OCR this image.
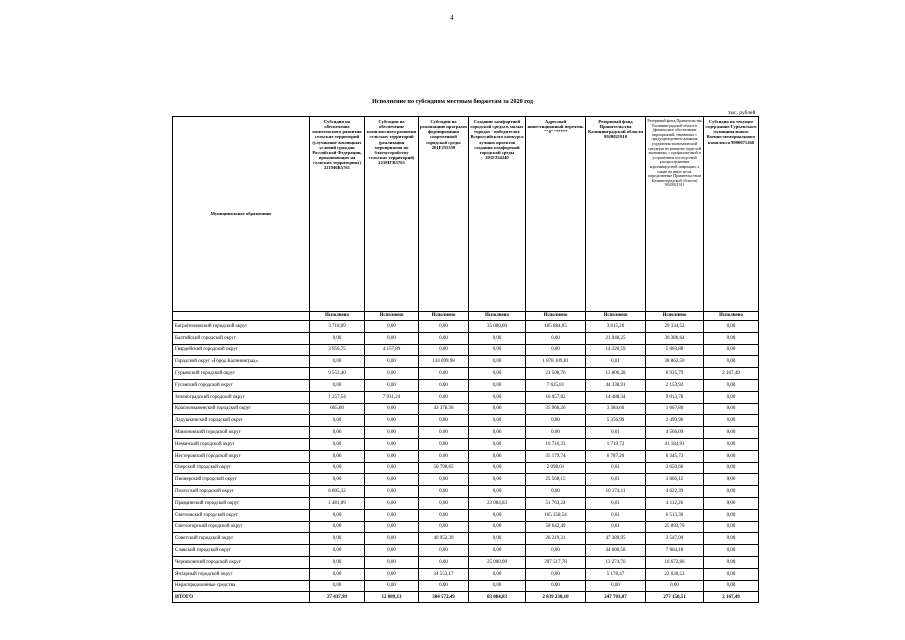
4
Исполнение по субсидиям местным бюджетам за 2020 год
тыс. рублей
Муниципальное образование	Субсидии на обеспечение комплексного развития сельских территорий (улучшение жилищных условий граждан Российской Федерации, проживающих на сельских территориях) 221М6R5761	Субсидии на обеспечение комплексного развития сельских территорий (реализация мероприятия по благоустройству сельских территорий) 223МГR5763	Субсидии на реализацию программ формирования современной городской среды 201F255550	Создание комфортной городской среды в малых городах - победителях Всероссийского конкурса лучших проектов создания комфортной городской среды 201F254240	Адресный инвестиционный перечень ""0""*****	Резервный фонд Правительства Калининградской области 9920021910	Резервный фонд Правительства Калининградской области (финансовое обеспечение мероприятий, связанных с предупреждением влияния ухудшения экономической ситуации на развитие отраслей экономики, с профилактикой и устранением последствий распространения коронавирусной инфекции, а также на иные цели, определенные Правительством Калининградской области) 9920021911	Субсидия на текущее содержание Гурьевского муниципального Военно-мемориального комплекса 9990071260
	Исполнено	Исполнено	Исполнено	Исполнено	Исполнено	Исполнено	Исполнено	Исполнено
Багратионовский городской округ	3 718,09	0,00	0,00	35 000,00	105 884,05	3 015,26	29 334,52	0,00
Балтийский городской округ	0,00	0,00	0,00	0,00	0,00	21 048,25	30 386,64	0,00
Гвардейский городской округ	3 956,75	4 157,89	0,00	0,00	0,00	14 220,59	5 003,88	0,00
Городской округ «Город Калининград»	0,00	0,00	134 099,98	0,00	1 878 109,81	0,01	38 862,50	0,00
Гурьевский городской округ	9 553,40	0,00	0,00	0,00	21 508,76	13 806,28	8 935,79	2 167,49
Гусевский городской округ	0,00	0,00	0,00	0,00	7 625,81	44 338,91	2 153,92	0,00
Зеленоградский городской округ	1 257,54	7 931,24	0,00	0,00	16 057,82	14 488,34	9 013,78	0,00
Краснознаменский городской округ	665,00	0,00	43 378,30	0,00	35 960,26	3 384,66	1 067,80	0,00
Ладушкинский городской округ	0,00	0,00	0,00	0,00	0,00	5 356,99	2 499,96	0,00
Мамоновский городской округ	0,00	0,00	0,00	0,00	0,00	0,01	4 566,09	0,00
Неманский городской округ	0,00	0,00	0,00	0,00	16 716,33	1 719,73	41 184,91	0,00
Нестеровский городской округ	0,00	0,00	0,00	0,00	35 179,74	6 787,20	6 345,73	0,00
Озерский городской округ	0,00	0,00	50 798,65	0,00	2 098,01	0,01	3 650,66	0,00
Пионерский городской округ	0,00	0,00	0,00	0,00	25 568,15	0,01	3 866,12	0,00
Полесский городской округ	6 805,32	0,00	0,00	0,00	0,00	10 174,11	4 622,39	0,00
Правдинский городской округ	1 481,89	0,00	0,00	23 084,83	51 763,24	0,01	4 112,26	0,00
Светловский городской округ	0,00	0,00	0,00	0,00	165 358,54	0,01	6 513,30	0,00
Светлогорский городской округ	0,00	0,00	0,00	0,00	58 642,49	0,01	25 893,70	0,00
Советский городской округ	0,00	0,00	40 952,39	0,00	26 219,31	47 389,95	2 547,00	0,00
Славский городской округ	0,00	0,00	0,00	0,00	0,00	44 000,58	7 864,18	0,00
Черняховский городской округ	0,00	0,00	0,00	25 000,00	397 517,78	13 274,76	10 672,86	0,00
Янтарный городской округ	0,00	0,00	34 553,17	0,00	0,00	5 178,47	22 030,53	0,00
Нераспределенные средства	0,00	0,00	0,00	0,00	0,00	0,00	0,00	0,00
ИТОГО	27 437,99	12 089,13	304 572,49	83 084,83	2 839 230,10	247 703,07	277 150,51	2 167,49
